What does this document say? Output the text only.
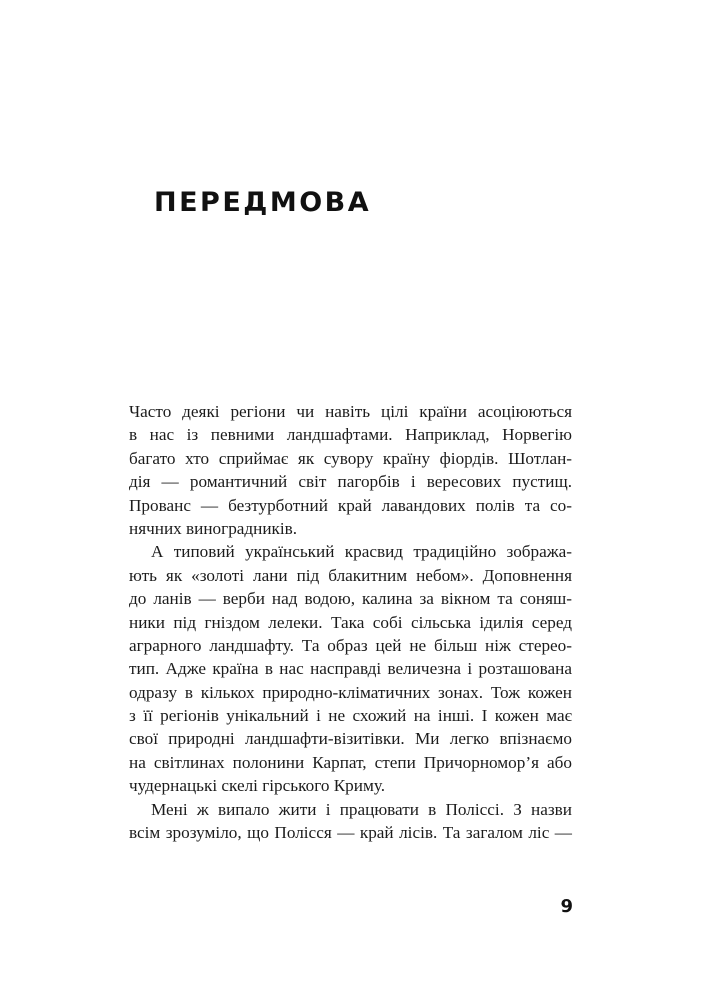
ПЕРЕДМОВА
Часто деякі регіони чи навіть цілі країни асоціюються
в нас із певними ландшафтами. Наприклад, Норвегію
багато хто сприймає як сувору країну фіордів. Шотлан-
дія — романтичний світ пагорбів і вересових пустищ.
Прованс — безтурботний край лавандових полів та со-
нячних виноградників.
А типовий український красвид традиційно зобража-
ють як «золоті лани під блакитним небом». Доповнення
до ланів — верби над водою, калина за вікном та соняш-
ники під гніздом лелеки. Така собі сільська ідилія серед
аграрного ландшафту. Та образ цей не більш ніж стерео-
тип. Адже країна в нас насправді величезна і розташована
одразу в кількох природно-кліматичних зонах. Тож кожен
з її регіонів унікальний і не схожий на інші. І кожен має
свої природні ландшафти-візитівки. Ми легко впізнаємо
на світлинах полонини Карпат, степи Причорномор’я або
чудернацькі скелі гірського Криму.
Мені ж випало жити і працювати в Поліссі. З назви
всім зрозуміло, що Полісся — край лісів. Та загалом ліс —
9
